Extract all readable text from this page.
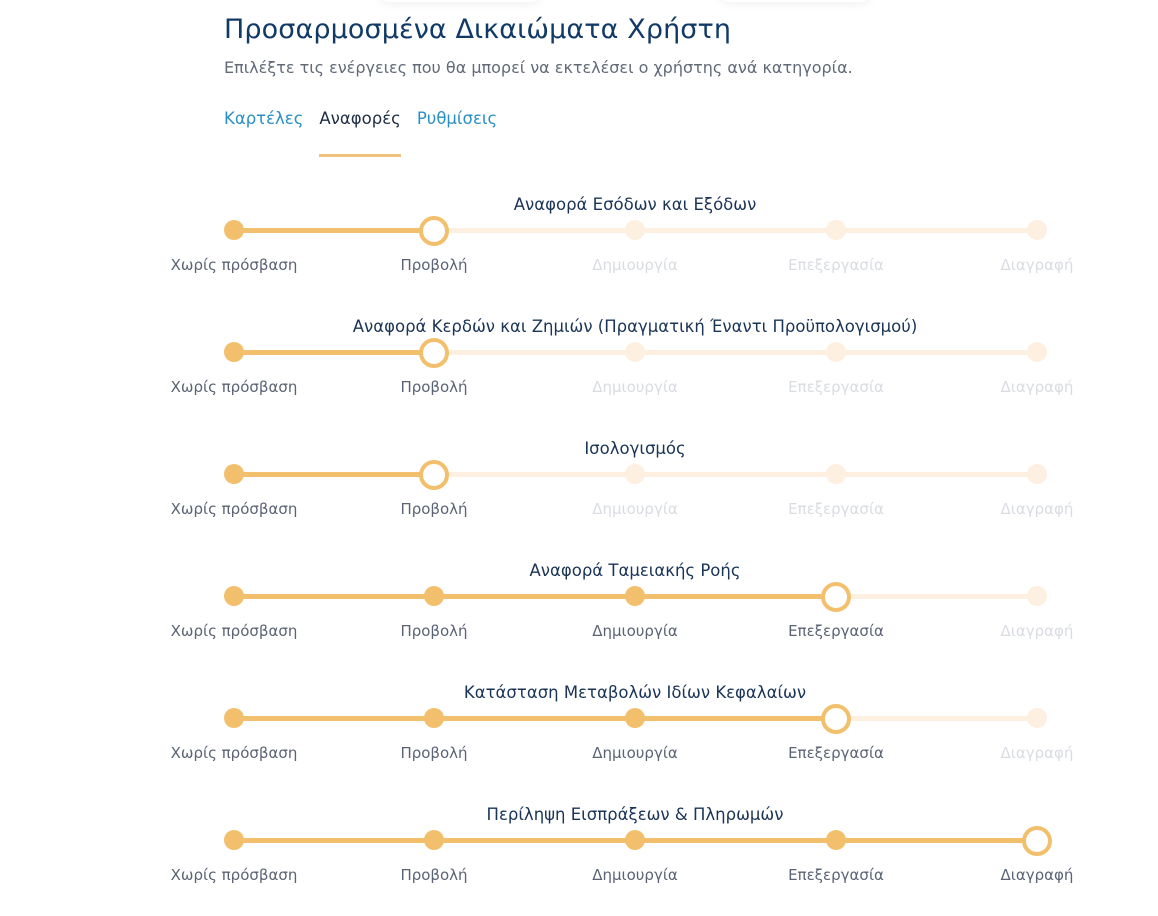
Προσαρμοσμένα Δικαιώματα Χρήστη
Επιλέξτε τις ενέργειες που θα μπορεί να εκτελέσει ο χρήστης ανά κατηγορία.
Καρτέλες Αναφορές Ρυθμίσεις
Αναφορά Εσόδων και Εξόδων
Χωρίς πρόσβαση	Προβολή	Δημιουργία	Επεξεργασία	Διαγραφή
Αναφορά Κερδών και Ζημιών (Πραγματική Έναντι Προϋπολογισμού)
Χωρίς πρόσβαση	Προβολή	Δημιουργία	Επεξεργασία	Διαγραφή
Ισολογισμός
Χωρίς πρόσβαση	Προβολή	Δημιουργία	Επεξεργασία	Διαγραφή
Αναφορά Ταμειακής Ροής
Χωρίς πρόσβαση	Προβολή	Δημιουργία	Επεξεργασία	Διαγραφή
Κατάσταση Μεταβολών Ιδίων Κεφαλαίων
Χωρίς πρόσβαση	Προβολή	Δημιουργία	Επεξεργασία	Διαγραφή
Περίληψη Εισπράξεων & Πληρωμών
Χωρίς πρόσβαση	Προβολή	Δημιουργία	Επεξεργασία	Διαγραφή
